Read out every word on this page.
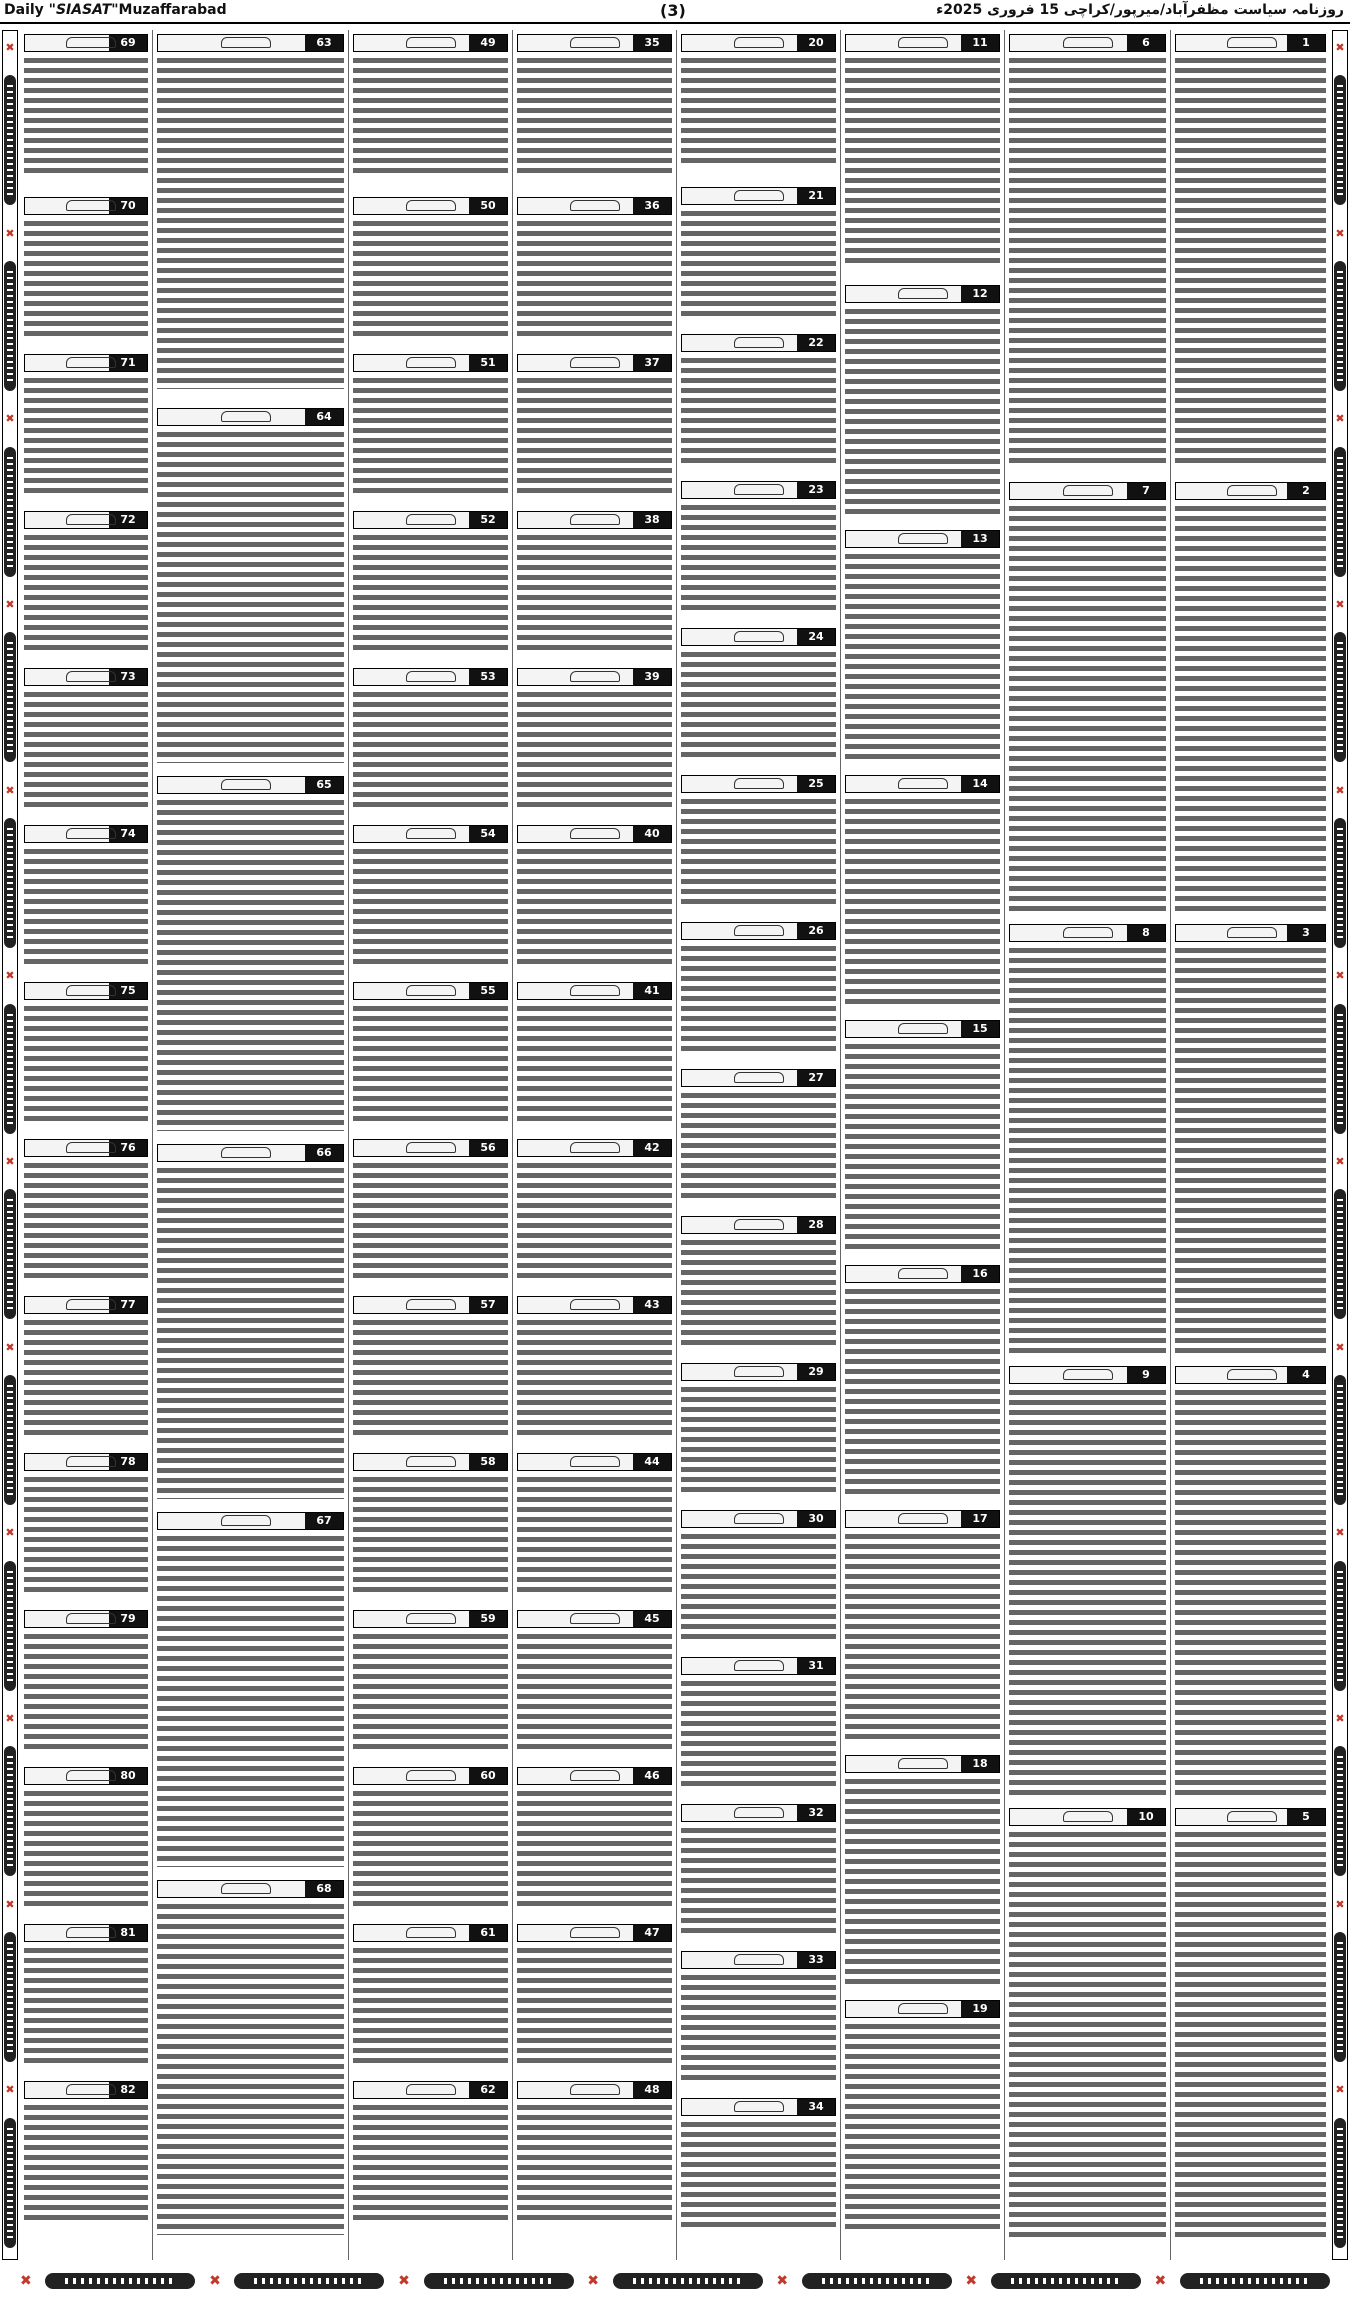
Daily "SIASAT"Muzaffarabad	(3)	روزنامہ سیاست مظفرآباد/میرپور/کراچی 15 فروری 2025ء
✖
✖
✖
✖
✖
✖
✖
✖
✖
✖
✖
✖
✖
✖
✖
✖
✖
✖
✖
✖
✖
✖
✖
✖
69
70
71
72
73
74
75
76
77
78
79
80
81
82
63
64
65
66
67
68
49
50
51
52
53
54
55
56
57
58
59
60
61
62
35
36
37
38
39
40
41
42
43
44
45
46
47
48
20
21
22
23
24
25
26
27
28
29
30
31
32
33
34
11
12
13
14
15
16
17
18
19
6
7
8
9
10
1
2
3
4
5
✖	✖	✖	✖	✖	✖	✖
